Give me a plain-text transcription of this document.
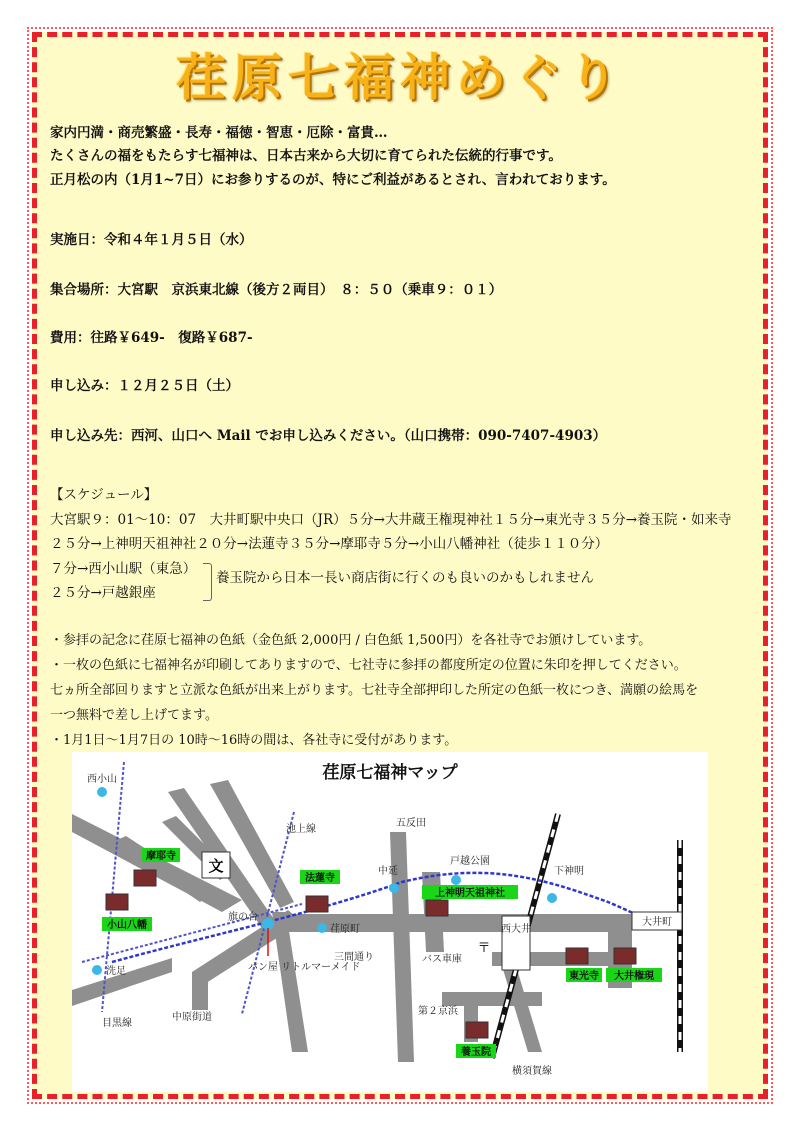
荏原七福神めぐり
家内円満・商売繁盛・長寿・福徳・智恵・厄除・富貴…
たくさんの福をもたらす七福神は、日本古来から大切に育てられた伝統的行事です。
正月松の内（1月1~7日）にお参りするのが、特にご利益があるとされ、言われております。
実施日：令和４年１月５日（水）
集合場所：大宮駅　京浜東北線（後方２両目）　８：５０（乗車９：０１）
費用：往路￥649-　復路￥687-
申し込み：１２月２５日（土）
申し込み先：西河、山口へ Mail でお申し込みください。（山口携帯：090-7407-4903）
【スケジュール】
大宮駅９：01～10：07　大井町駅中央口（JR）５分→大井蔵王権現神社１５分→東光寺３５分→養玉院・如来寺
２５分→上神明天祖神社２０分→法蓮寺３５分→摩耶寺５分→小山八幡神社（徒歩１１０分）
７分→西小山駅（東急）
２５分→戸越銀座
養玉院から日本一長い商店街に行くのも良いのかもしれません
・参拝の記念に荏原七福神の色紙（金色紙 2,000円 / 白色紙 1,500円）を各社寺でお頒けしています。
・一枚の色紙に七福神名が印刷してありますので、七社寺に参拝の都度所定の位置に朱印を押してください。
七ヵ所全部回りますと立派な色紙が出来上がります。七社寺全部押印した所定の色紙一枚につき、満願の絵馬を
一つ無料で差し上げてます。
・1月1日～1月7日の 10時～16時の間は、各社寺に受付があります。
荏原七福神マップ
文
〒
西小山
洗足
旗の台
荏原町
中延
戸越公園
下神明
大井町
池上線
目黒線
横須賀線
五反田
三間通り
中原街道
第２京浜
バス車庫
パン屋 リトルマーメイド
西大井
摩耶寺
小山八幡
法蓮寺
上神明天祖神社
東光寺 大井権現
養玉院
